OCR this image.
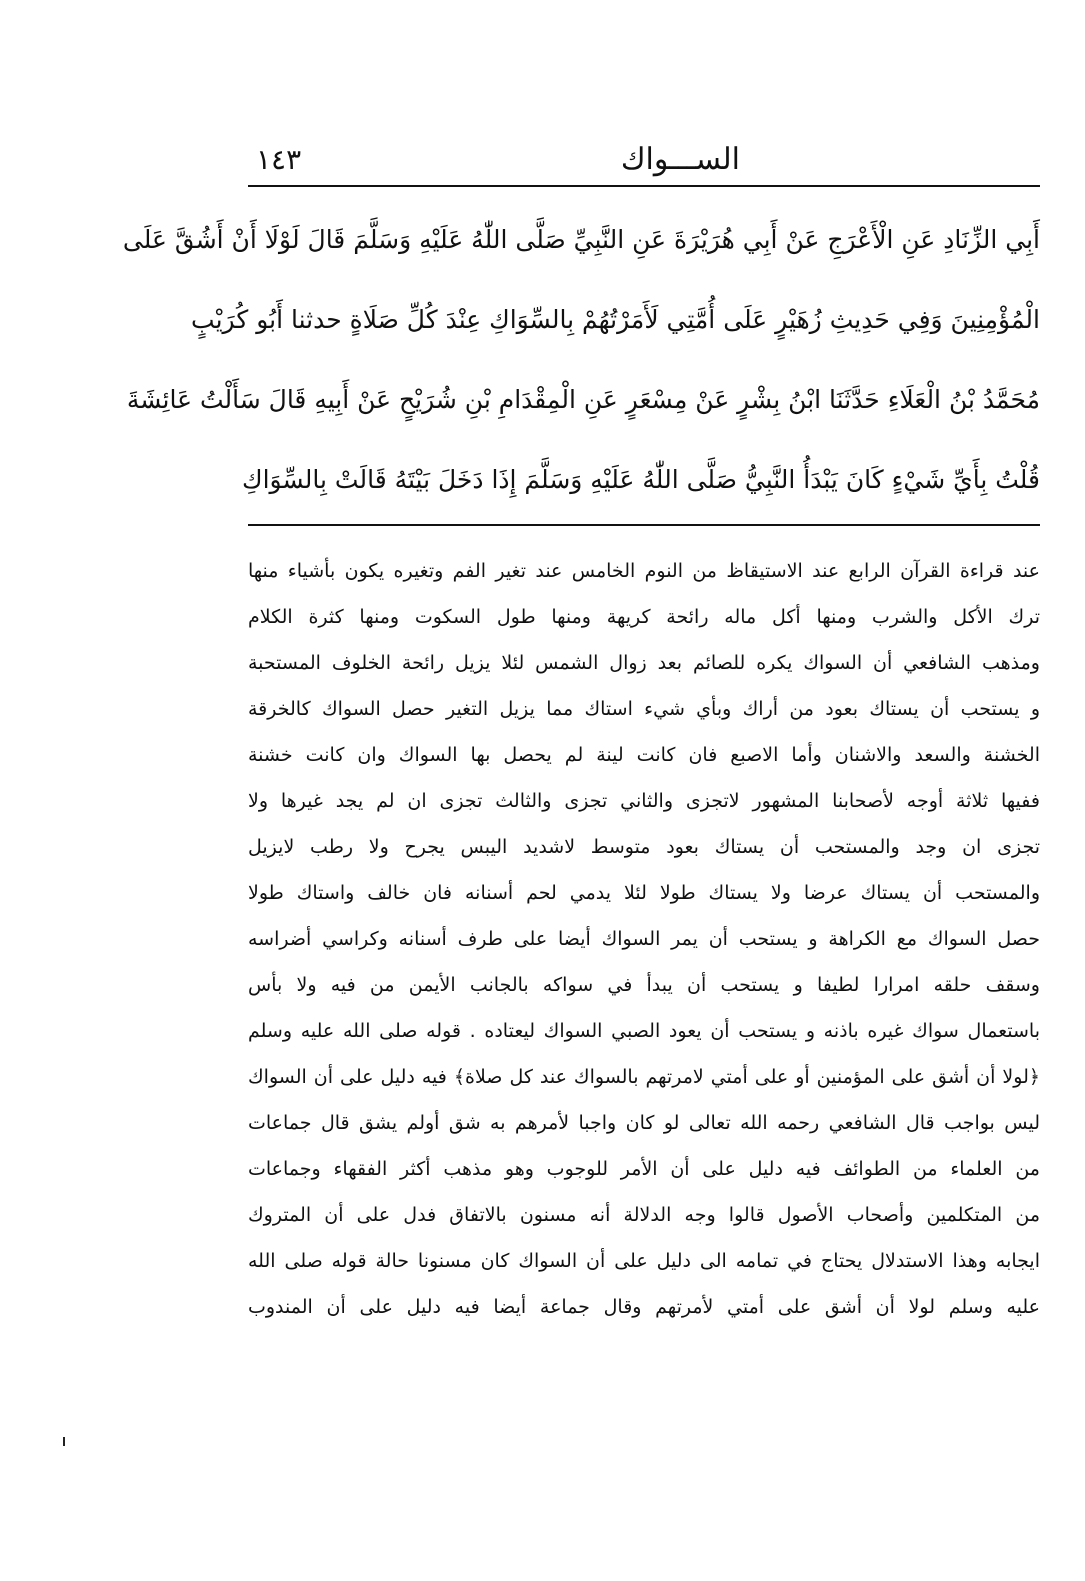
الســـواك
١٤٣
أَبِي الزِّنَادِ عَنِ الْأَعْرَجِ عَنْ أَبِي هُرَيْرَةَ عَنِ النَّبِيِّ صَلَّى اللّٰهُ عَلَيْهِ وَسَلَّمَ قَالَ لَوْلَا أَنْ أَشُقَّ عَلَى
الْمُؤْمِنِينَ وَفِي حَدِيثِ زُهَيْرٍ عَلَى أُمَّتِي لَأَمَرْتُهُمْ بِالسِّوَاكِ عِنْدَ كُلِّ صَلَاةٍ حدثنا أَبُو كُرَيْبٍ
مُحَمَّدُ بْنُ الْعَلَاءِ حَدَّثَنَا ابْنُ بِشْرٍ عَنْ مِسْعَرٍ عَنِ الْمِقْدَامِ بْنِ شُرَيْحٍ عَنْ أَبِيهِ قَالَ سَأَلْتُ عَائِشَةَ
قُلْتُ بِأَيِّ شَيْءٍ كَانَ يَبْدَأُ النَّبِيُّ صَلَّى اللّٰهُ عَلَيْهِ وَسَلَّمَ إِذَا دَخَلَ بَيْتَهُ قَالَتْ بِالسِّوَاكِ
عند قراءة القرآن الرابع عند الاستيقاظ من النوم الخامس عند تغير الفم وتغيره يكون بأشياء منها
ترك الأكل والشرب ومنها أكل ماله رائحة كريهة ومنها طول السكوت ومنها كثرة الكلام
ومذهب الشافعي أن السواك يكره للصائم بعد زوال الشمس لئلا يزيل رائحة الخلوف المستحبة
و يستحب أن يستاك بعود من أراك وبأي شيء استاك مما يزيل التغير حصل السواك كالخرقة
الخشنة والسعد والاشنان وأما الاصبع فان كانت لينة لم يحصل بها السواك وان كانت خشنة
ففيها ثلاثة أوجه لأصحابنا المشهور لاتجزى والثاني تجزى والثالث تجزى ان لم يجد غيرها ولا
تجزى ان وجد والمستحب أن يستاك بعود متوسط لاشديد اليبس يجرح ولا رطب لايزيل
والمستحب أن يستاك عرضا ولا يستاك طولا لئلا يدمي لحم أسنانه فان خالف واستاك طولا
حصل السواك مع الكراهة و يستحب أن يمر السواك أيضا على طرف أسنانه وكراسي أضراسه
وسقف حلقه امرارا لطيفا و يستحب أن يبدأ في سواكه بالجانب الأيمن من فيه ولا بأس
باستعمال سواك غيره باذنه و يستحب أن يعود الصبي السواك ليعتاده . قوله صلى الله عليه وسلم
﴿لولا أن أشق على المؤمنين أو على أمتي لامرتهم بالسواك عند كل صلاة﴾ فيه دليل على أن السواك
ليس بواجب قال الشافعي رحمه الله تعالى لو كان واجبا لأمرهم به شق أولم يشق قال جماعات
من العلماء من الطوائف فيه دليل على أن الأمر للوجوب وهو مذهب أكثر الفقهاء وجماعات
من المتكلمين وأصحاب الأصول قالوا وجه الدلالة أنه مسنون بالاتفاق فدل على أن المتروك
ايجابه وهذا الاستدلال يحتاج في تمامه الى دليل على أن السواك كان مسنونا حالة قوله صلى الله
عليه وسلم لولا أن أشق على أمتي لأمرتهم وقال جماعة أيضا فيه دليل على أن المندوب
